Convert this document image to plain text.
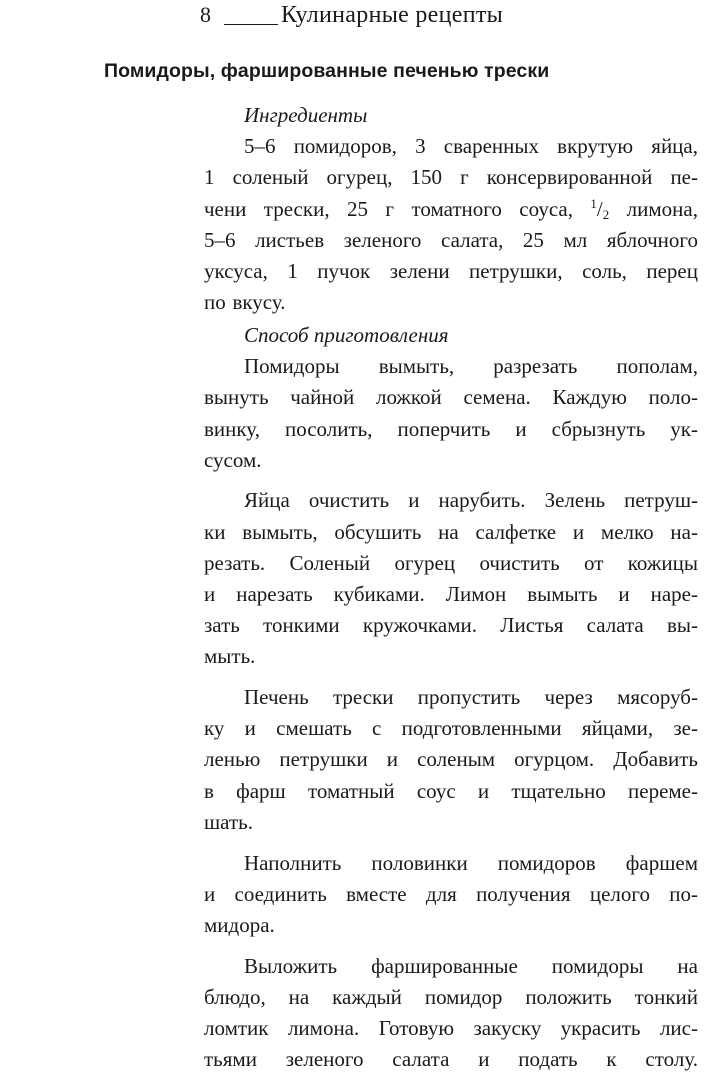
8	Кулинарные рецепты
Помидоры, фаршированные печенью трески
Ингредиенты
5–6 помидоров, 3 сваренных вкрутую яйца,
1 соленый огурец, 150 г консервированной пе-
чени трески, 25 г томатного соуса, $^1/_2$ лимона,
5–6 листьев зеленого салата, 25 мл яблочного
уксуса, 1 пучок зелени петрушки, соль, перец
по вкусу.
Способ приготовления
Помидоры вымыть, разрезать пополам,
вынуть чайной ложкой семена. Каждую поло-
винку, посолить, поперчить и сбрызнуть ук-
сусом.
Яйца очистить и нарубить. Зелень петруш-
ки вымыть, обсушить на салфетке и мелко на-
резать. Соленый огурец очистить от кожицы
и нарезать кубиками. Лимон вымыть и нарe-
зать тонкими кружочками. Листья салата вы-
мыть.
Печень трески пропустить через мясоруб-
ку и смешать с подготовленными яйцами, зе-
ленью петрушки и соленым огурцом. Добавить
в фарш томатный соус и тщательно переме-
шать.
Наполнить половинки помидоров фаршем
и соединить вместе для получения целого по-
мидора.
Выложить фаршированные помидоры на
блюдо, на каждый помидор положить тонкий
ломтик лимона. Готовую закуску украсить лис-
тьями зеленого салата и подать к столу.
